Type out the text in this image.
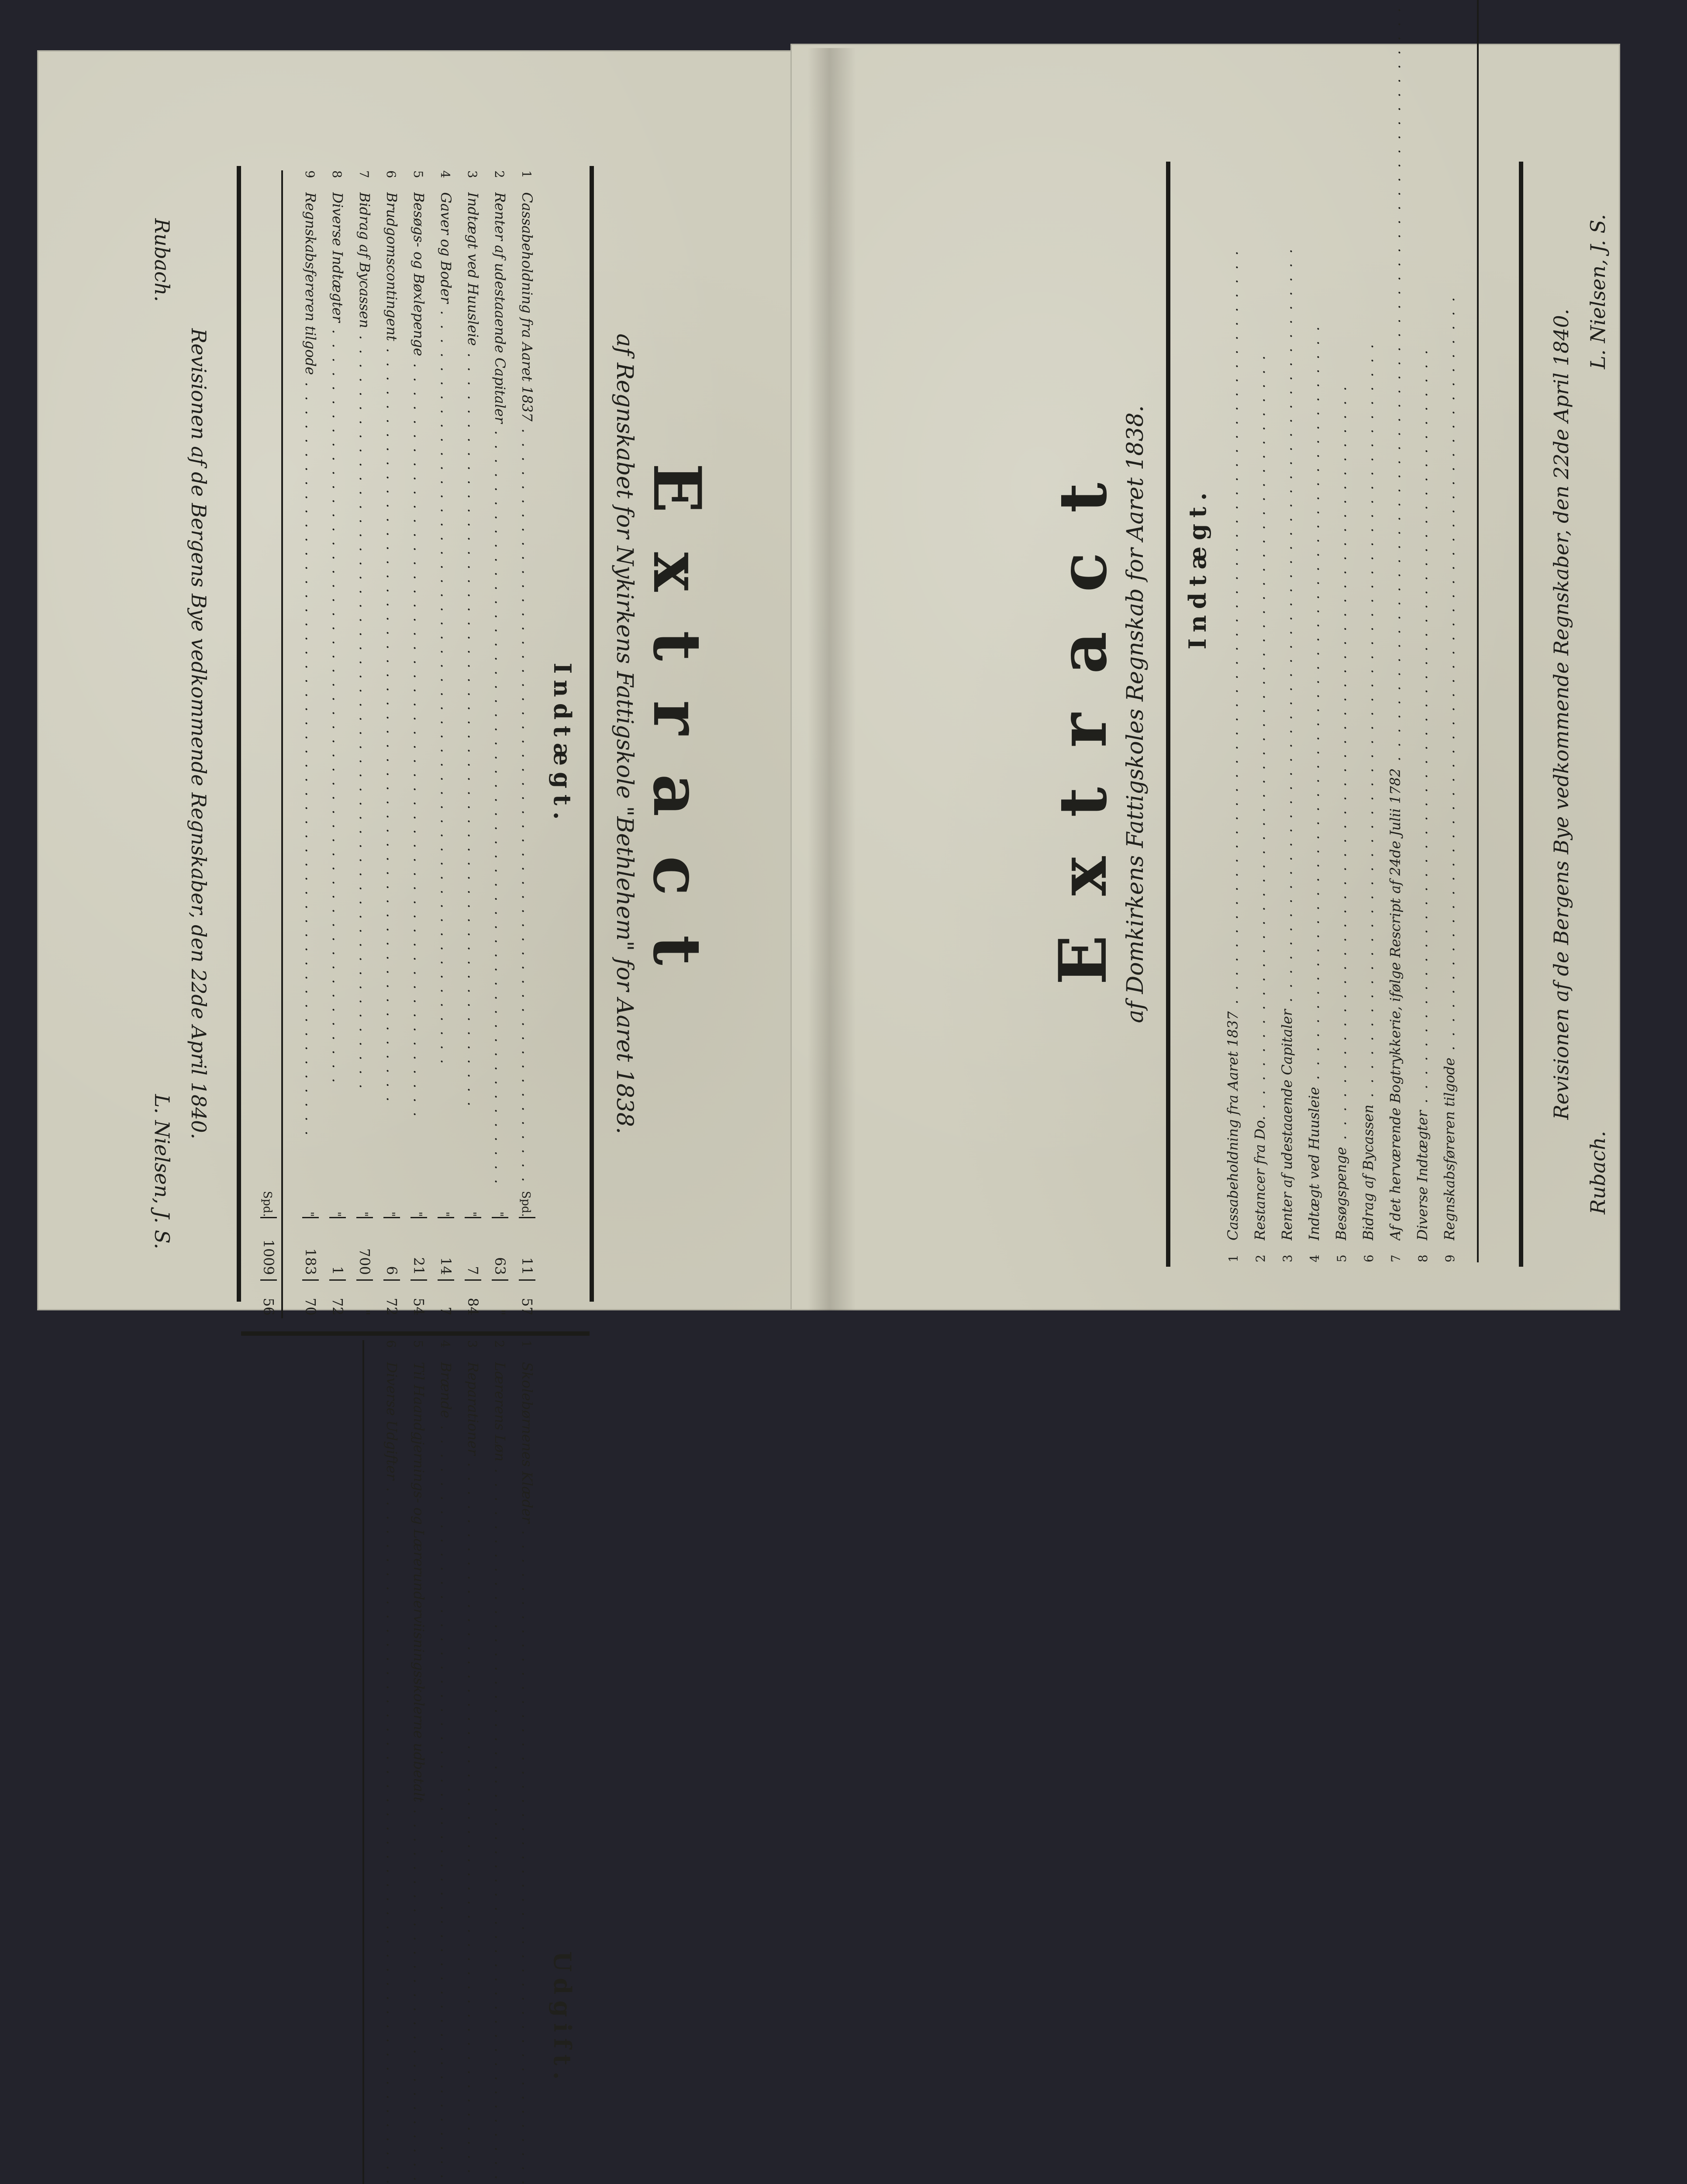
Extract
af Regnskabet for Nykirkens Fattigskole "Bethlehem" for Aaret 1838.
Indtægt.
1
Cassabeholdning fra Aaret 1837 . . .
Spd.
11
57
2
Renter af udestaaende Capitaler . . .
"
63
"
3
Indtægt ved Huusleie . . .
"
7
84
4
Gaver og Boder . . .
"
14
7
5
Besøgs- og Bøxlepenge . . .
"
21
54
6
Brudgomscontingent . . .
"
6
72
7
Bidrag af Bycassen . . .
"
700
"
8
Diverse Indtægter . . .
"
1
72
9
Regnskabsfereren tilgode . . .
"
183
70
Spd.
1009
56
Udgift.
1
Skolebørnenes Klæder . . .
2
Lærerens Løn . . .
3
Reparationer . . .
4
Brænde . . .
5
Til Haandgjernings- og Lærerunderviisningsskolerne udbetalt . . .
6
Diverse Udgifter . . .
Revisionen af de Bergens Bye vedkommende Regnskaber, den 22de April 1840.
Rubach.
L. Nielsen, J. S.
Extract af Domkirkens Fattigskoles Regnskab for Aaret 1838. Indtægt.
1
Cassabeholdning fra Aaret 1837 . . .
2
Restancer fra Do. . . .
3
Renter af udestaaende Capitaler . . .
4
Indtægt ved Huusleie . . .
5
Besøgspenge . . .
6
Bidrag af Bycassen . . .
7
Af det herværende Bogtrykkerie, ifølge Rescript af 24de Julii 1782 . . .
8
Diverse Indtægter . . .
9
Regnskabsføreren tilgode . . .
Revisionen af de Bergens Bye vedkommende Regnskaber, den 22de April 1840.
Rubach.
L. Nielsen, J. S.
